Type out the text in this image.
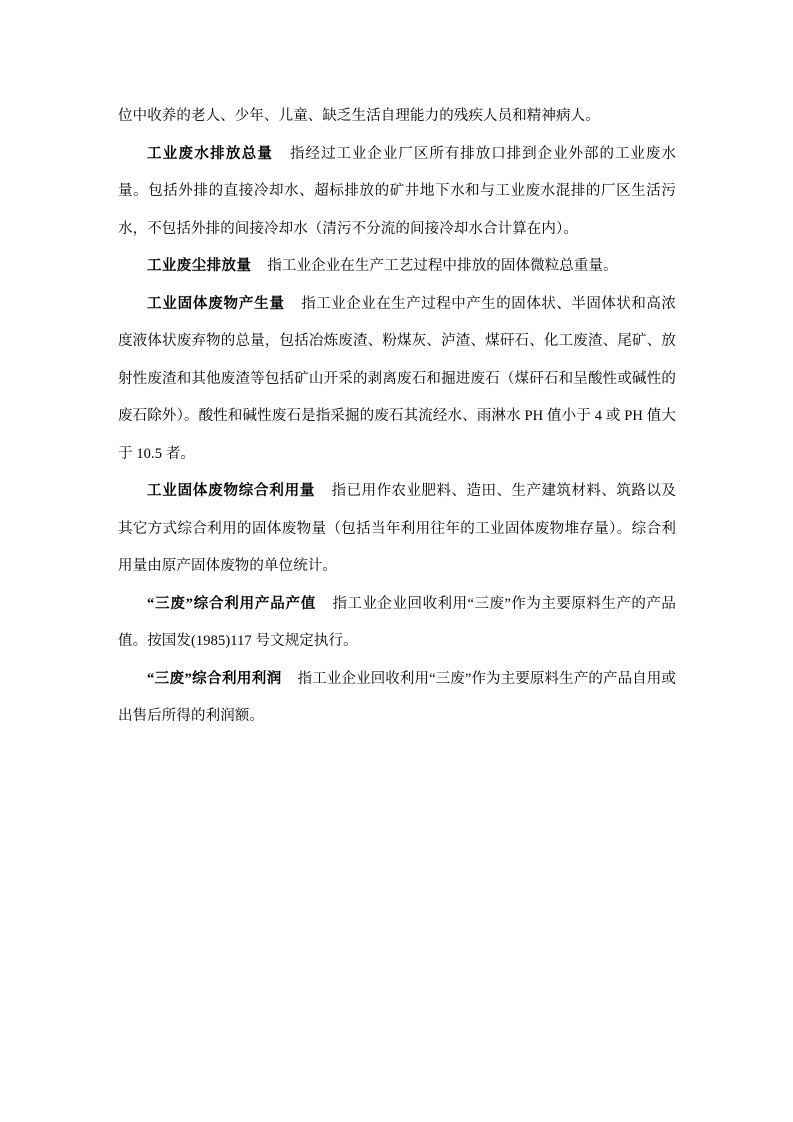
位中收养的老人、少年、儿童、缺乏生活自理能力的残疾人员和精神病人。

工业废水排放总量 指经过工业企业厂区所有排放口排到企业外部的工业废水量。包括外排的直接冷却水、超标排放的矿井地下水和与工业废水混排的厂区生活污水，不包括外排的间接冷却水（清污不分流的间接冷却水合计算在内）。

工业废尘排放量 指工业企业在生产工艺过程中排放的固体微粒总重量。

工业固体废物产生量 指工业企业在生产过程中产生的固体状、半固体状和高浓度液体状废弃物的总量，包括冶炼废渣、粉煤灰、泸渣、煤矸石、化工废渣、尾矿、放射性废渣和其他废渣等包括矿山开采的剥离废石和掘进废石（煤矸石和呈酸性或碱性的废石除外）。酸性和碱性废石是指采掘的废石其流经水、雨淋水 PH 值小于 4 或 PH 值大于 10.5 者。

工业固体废物综合利用量 指已用作农业肥料、造田、生产建筑材料、筑路以及其它方式综合利用的固体废物量（包括当年利用往年的工业固体废物堆存量）。综合利用量由原产固体废物的单位统计。

“三废”综合利用产品产值 指工业企业回收利用“三废”作为主要原料生产的产品值。按国发(1985)117 号文规定执行。

“三废”综合利用利润 指工业企业回收利用“三废”作为主要原料生产的产品自用或出售后所得的利润额。
